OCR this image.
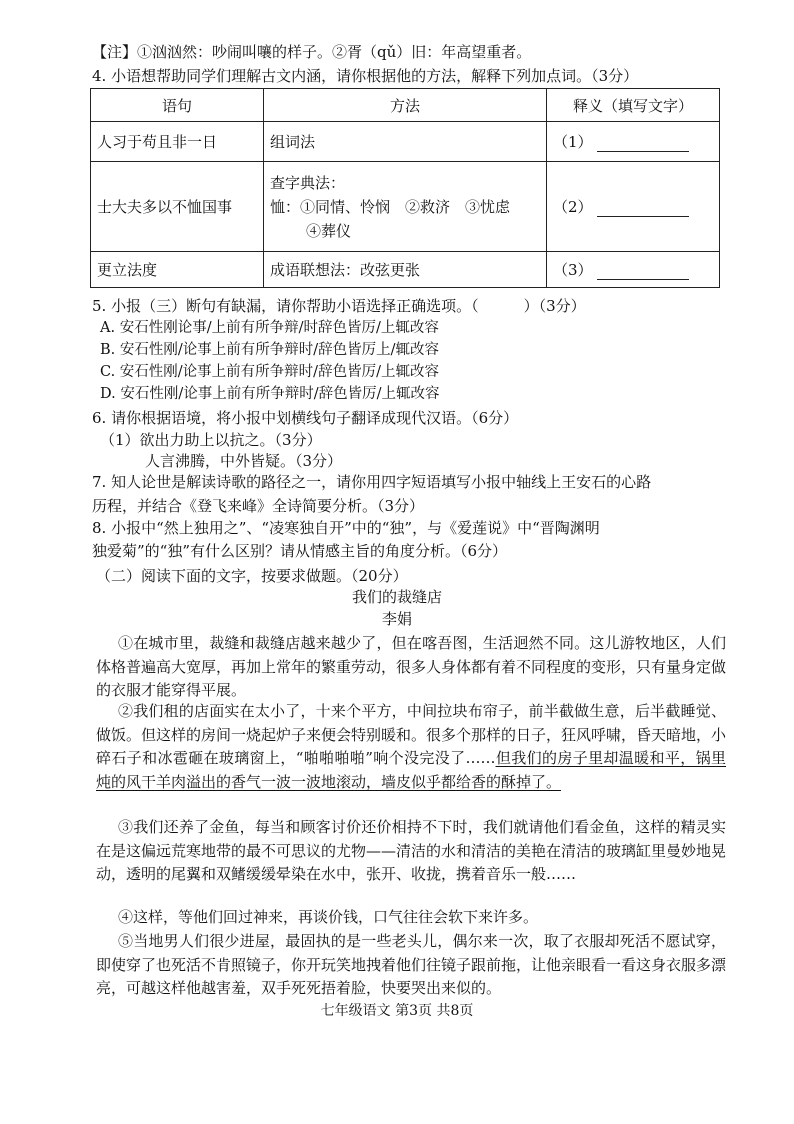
【注】①汹汹然：吵闹叫嚷的样子。②胥（qǔ）旧：年高望重者。
4. 小语想帮助同学们理解古文内涵，请你根据他的方法，解释下列加点词。（3分）
语句	方法	释义（填写文字）
人习于苟且非一日	组词法	（1）
士大夫多以不恤国事	查字典法：
恤：①同情、怜悯　②救济　③忧虑
④葬仪	（2）
更立法度	成语联想法：改弦更张	（3）
5. 小报（三）断句有缺漏，请你帮助小语选择正确选项。（　　　）（3分）
A. 安石性刚论事/上前有所争辩/时辞色皆厉/上辄改容
B. 安石性刚/论事上前有所争辩时/辞色皆厉上/辄改容
C. 安石性刚/论事上前有所争辩时/辞色皆厉/上辄改容
D. 安石性刚/论事上前有所争辩时/辞色皆厉/上辄改容
6. 请你根据语境，将小报中划横线句子翻译成现代汉语。（6分）
（1）欲出力助上以抗之。（3分）
　　　人言沸腾，中外皆疑。（3分）
7. 知人论世是解读诗歌的路径之一，请你用四字短语填写小报中轴线上王安石的心路
历程，并结合《登飞来峰》全诗简要分析。（3分）
8. 小报中“然上独用之”、“凌寒独自开”中的“独”，与《爱莲说》中“晋陶渊明
独爱菊”的“独”有什么区别？请从情感主旨的角度分析。（6分）
（二）阅读下面的文字，按要求做题。（20分）
我们的裁缝店
李娟
①在城市里，裁缝和裁缝店越来越少了，但在喀吾图，生活迥然不同。这儿游牧地区，人们体格普遍高大宽厚，再加上常年的繁重劳动，很多人身体都有着不同程度的变形，只有量身定做的衣服才能穿得平展。
②我们租的店面实在太小了，十来个平方，中间拉块布帘子，前半截做生意，后半截睡觉、做饭。但这样的房间一烧起炉子来便会特别暖和。很多个那样的日子，狂风呼啸，昏天暗地，小碎石子和冰雹砸在玻璃窗上，“啪啪啪啪”响个没完没了……但我们的房子里却温暖和平，锅里炖的风干羊肉溢出的香气一波一波地滚动，墙皮似乎都给香的酥掉了。
③我们还养了金鱼，每当和顾客讨价还价相持不下时，我们就请他们看金鱼，这样的精灵实在是这偏远荒寒地带的最不可思议的尤物——清洁的水和清洁的美艳在清洁的玻璃缸里曼妙地晃动，透明的尾翼和双鳍缓缓晕染在水中，张开、收拢，携着音乐一般……
④这样，等他们回过神来，再谈价钱，口气往往会软下来许多。
⑤当地男人们很少进屋，最固执的是一些老头儿，偶尔来一次，取了衣服却死活不愿试穿，即使穿了也死活不肯照镜子，你开玩笑地拽着他们往镜子跟前拖，让他亲眼看一看这身衣服多漂亮，可越这样他越害羞，双手死死捂着脸，快要哭出来似的。
七年级语文 第3页 共8页
